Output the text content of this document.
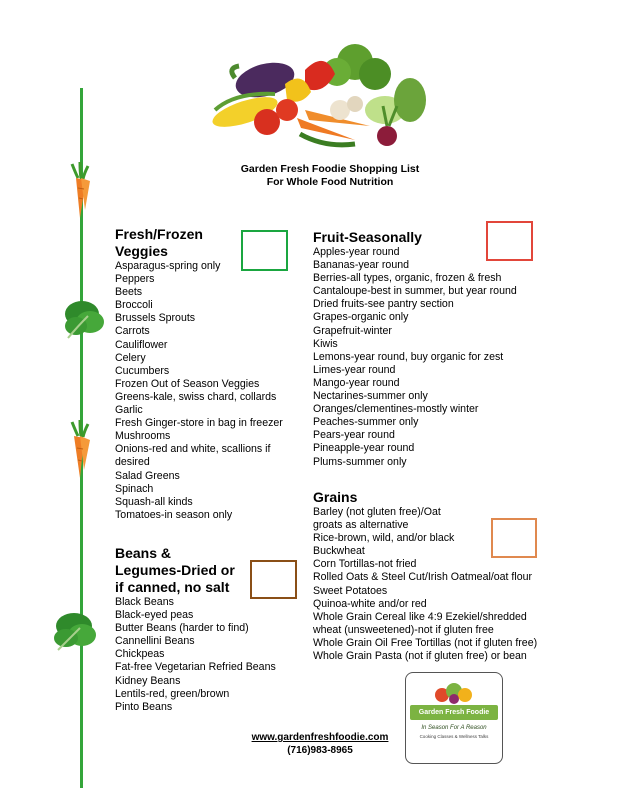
Garden Fresh Foodie Shopping List
For Whole Food Nutrition
Fresh/Frozen
Veggies
Asparagus-spring only
Peppers
Beets
Broccoli
Brussels Sprouts
Carrots
Cauliflower
Celery
Cucumbers
Frozen Out of Season Veggies
Greens-kale, swiss chard, collards
Garlic
Fresh Ginger-store in bag in freezer
Mushrooms
Onions-red and white, scallions if desired
Salad Greens
Spinach
Squash-all kinds
Tomatoes-in season only
Beans &
Legumes-Dried or
if canned, no salt
Black Beans
Black-eyed peas
Butter Beans (harder to find)
Cannellini Beans
Chickpeas
Fat-free Vegetarian Refried Beans
Kidney Beans
Lentils-red, green/brown
Pinto Beans
Fruit-Seasonally
Apples-year round
Bananas-year round
Berries-all types, organic, frozen & fresh
Cantaloupe-best in summer, but year round
Dried fruits-see pantry section
Grapes-organic only
Grapefruit-winter
Kiwis
Lemons-year round, buy organic for zest
Limes-year round
Mango-year round
Nectarines-summer only
Oranges/clementines-mostly winter
Peaches-summer only
Pears-year round
Pineapple-year round
Plums-summer only
Grains
Barley (not gluten free)/Oat
groats as alternative
Rice-brown, wild, and/or black
Buckwheat
Corn Tortillas-not fried
Rolled Oats & Steel Cut/Irish Oatmeal/oat flour
Sweet Potatoes
Quinoa-white and/or red
Whole Grain Cereal like 4:9 Ezekiel/shredded
wheat (unsweetened)-not if gluten free
Whole Grain Oil Free Tortillas (not if gluten free)
Whole Grain Pasta (not if gluten free) or bean
www.gardenfreshfoodie.com
(716)983-8965
Garden Fresh Foodie
In Season For A Reason
Cooking Classes & Wellness Talks
